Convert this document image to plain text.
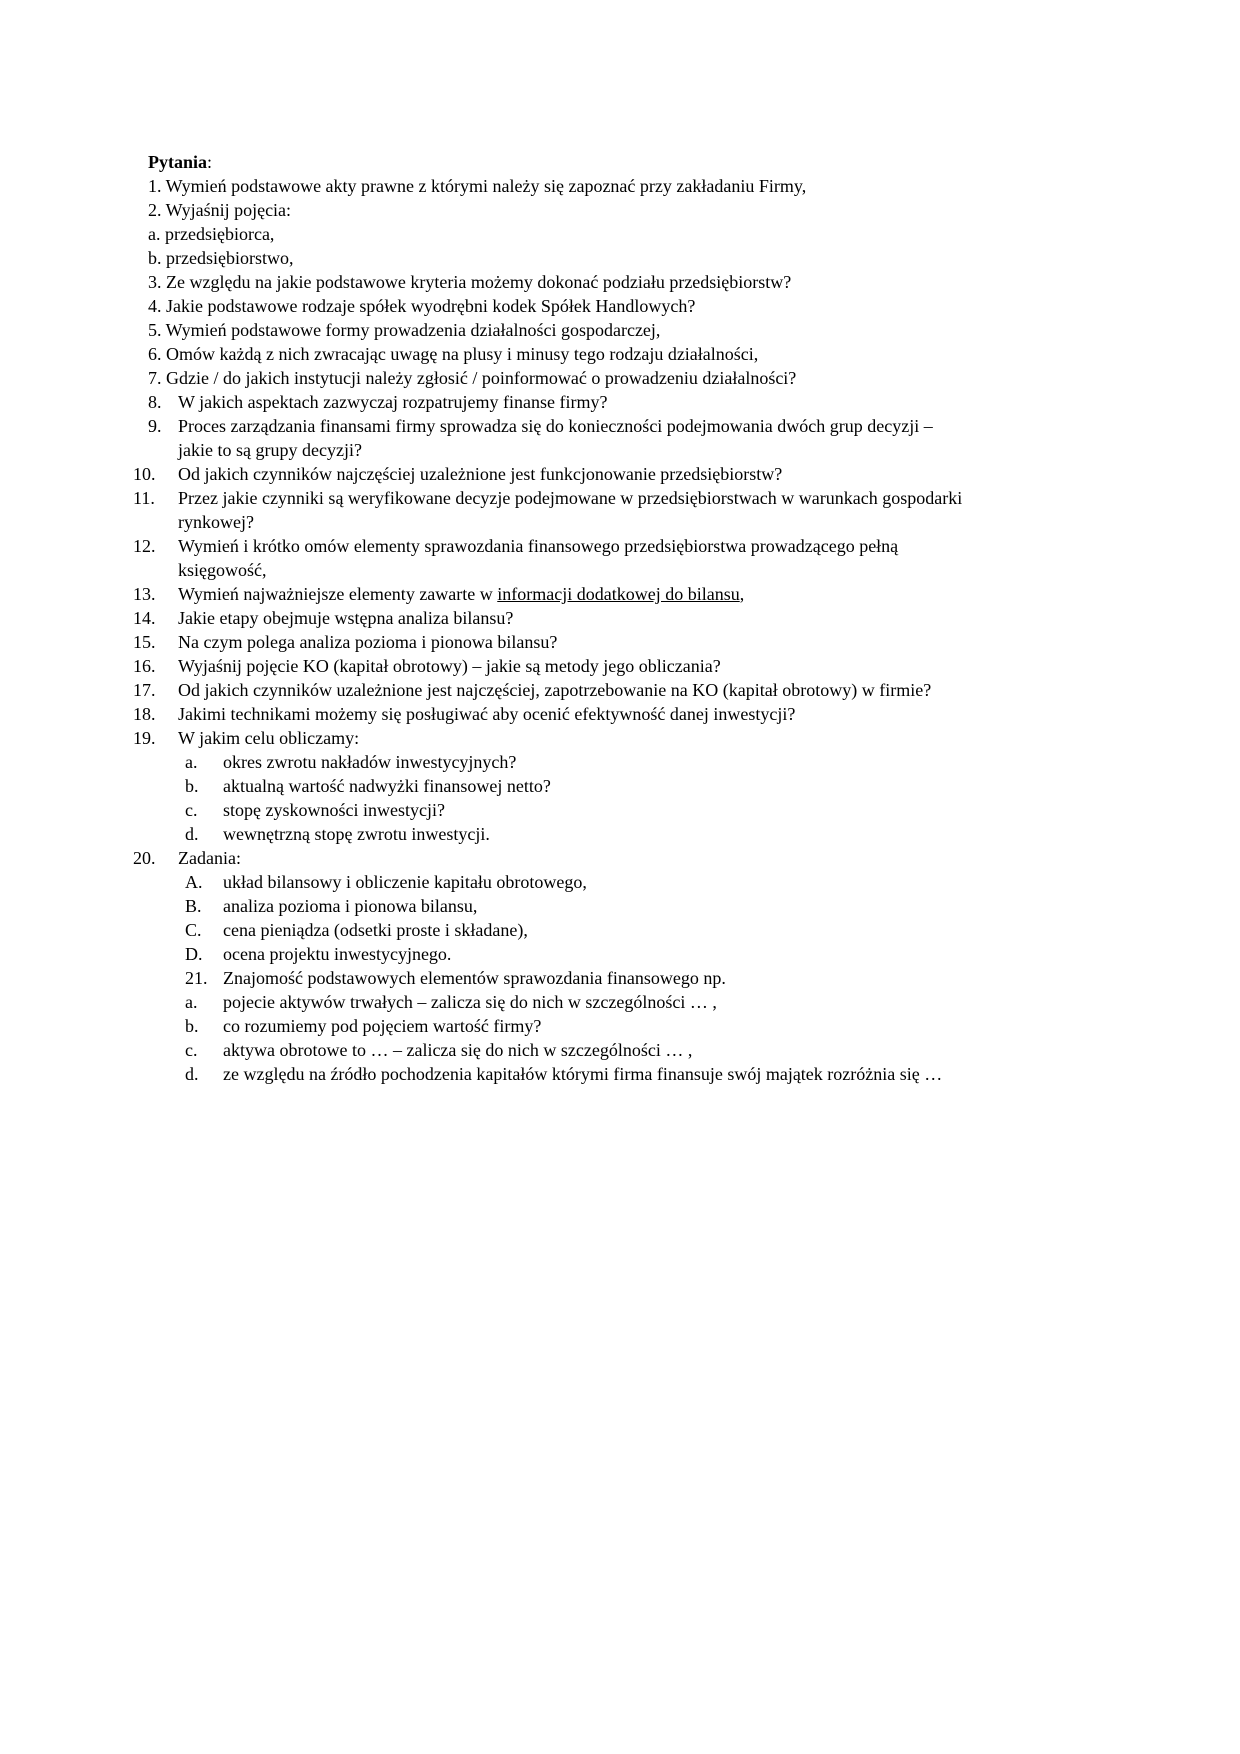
Pytania:
1. Wymień podstawowe akty prawne z którymi należy się zapoznać przy zakładaniu Firmy,
2. Wyjaśnij pojęcia:
a. przedsiębiorca,
b. przedsiębiorstwo,
3. Ze względu na jakie podstawowe kryteria możemy dokonać podziału przedsiębiorstw?
4. Jakie podstawowe rodzaje spółek wyodrębni kodek Spółek Handlowych?
5. Wymień podstawowe formy prowadzenia działalności gospodarczej,
6. Omów każdą z nich zwracając uwagę na plusy i minusy tego rodzaju działalności,
7. Gdzie / do jakich instytucji należy zgłosić / poinformować o prowadzeniu działalności?
8. W jakich aspektach zazwyczaj rozpatrujemy finanse firmy?
9. Proces zarządzania finansami firmy sprowadza się do konieczności podejmowania dwóch grup decyzji –
jakie to są grupy decyzji?
10.	Od jakich czynników najczęściej uzależnione jest funkcjonowanie przedsiębiorstw?
11.	Przez jakie czynniki są weryfikowane decyzje podejmowane w przedsiębiorstwach w warunkach gospodarki
rynkowej?
12.	Wymień i krótko omów elementy sprawozdania finansowego przedsiębiorstwa prowadzącego pełną
księgowość,
13.	Wymień najważniejsze elementy zawarte w informacji dodatkowej do bilansu,
14.	Jakie etapy obejmuje wstępna analiza bilansu?
15.	Na czym polega analiza pozioma i pionowa bilansu?
16.	Wyjaśnij pojęcie KO (kapitał obrotowy) – jakie są metody jego obliczania?
17.	Od jakich czynników uzależnione jest najczęściej, zapotrzebowanie na KO (kapitał obrotowy) w firmie?
18.	Jakimi technikami możemy się posługiwać aby ocenić efektywność danej inwestycji?
19.	W jakim celu obliczamy:
a. okres zwrotu nakładów inwestycyjnych?
b. aktualną wartość nadwyżki finansowej netto?
c. stopę zyskowności inwestycji?
d. wewnętrzną stopę zwrotu inwestycji.
20.	Zadania:
A. układ bilansowy i obliczenie kapitału obrotowego,
B. analiza pozioma i pionowa bilansu,
C. cena pieniądza (odsetki proste i składane),
D. ocena projektu inwestycyjnego.
21. Znajomość podstawowych elementów sprawozdania finansowego np.
a. pojecie aktywów trwałych – zalicza się do nich w szczególności … ,
b. co rozumiemy pod pojęciem wartość firmy?
c. aktywa obrotowe to … – zalicza się do nich w szczególności … ,
d. ze względu na źródło pochodzenia kapitałów którymi firma finansuje swój majątek rozróżnia się …
